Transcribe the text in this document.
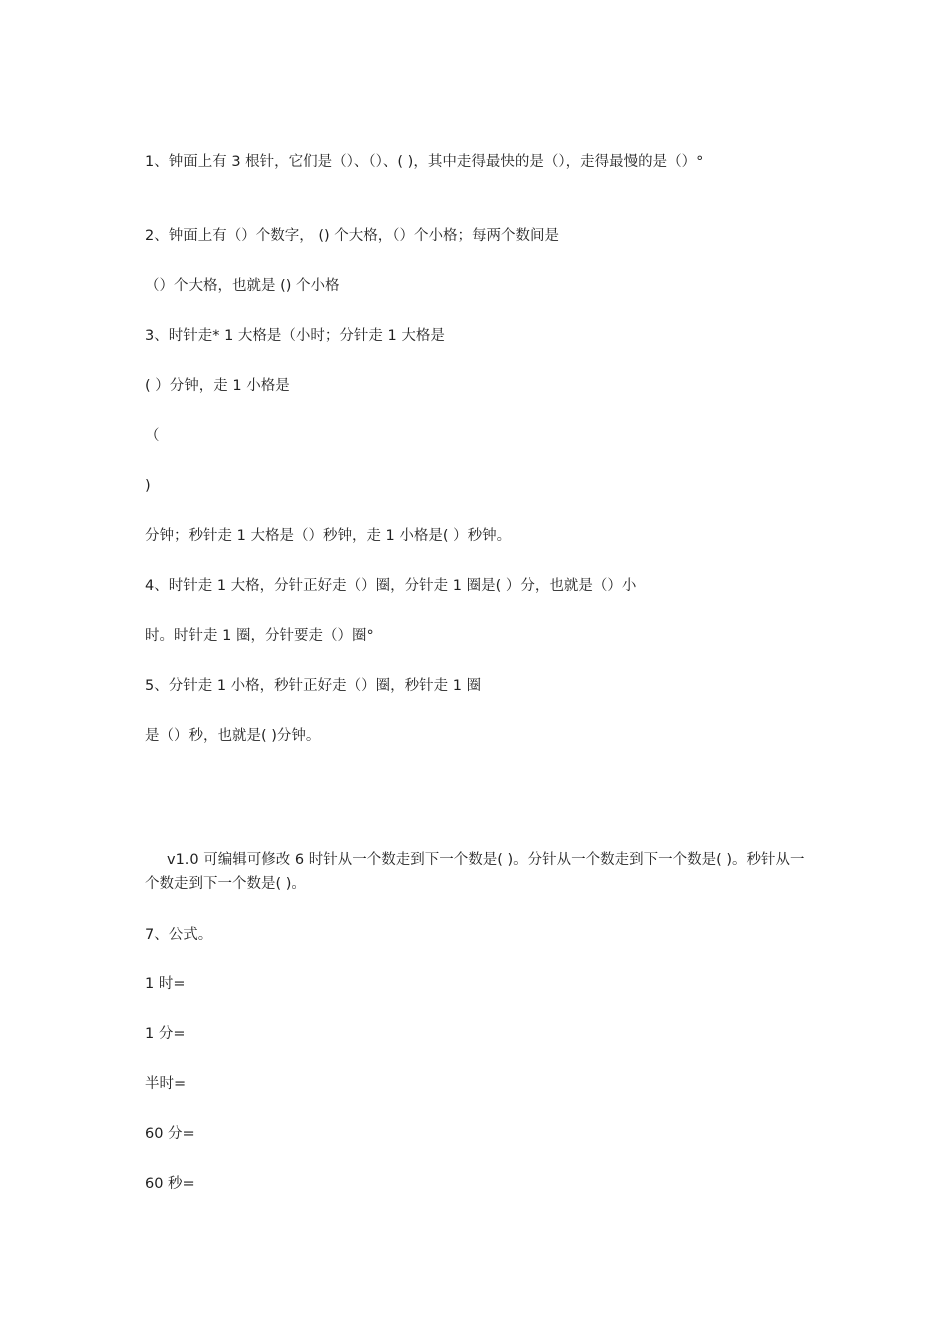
1、钟面上有 3 根针，它们是（）、（）、( )，其中走得最快的是（），走得最慢的是（）°
2、钟面上有（）个数字， () 个大格，（）个小格；每两个数间是
（）个大格，也就是 () 个小格
3、时针走* 1 大格是（小时；分针走 1 大格是
( ）分钟，走 1 小格是
（
)
分钟；秒针走 1 大格是（）秒钟，走 1 小格是( ）秒钟。
4、时针走 1 大格，分针正好走（）圈，分针走 1 圈是( ）分，也就是（）小
时。时针走 1 圈，分针要走（）圈°
5、分针走 1 小格，秒针正好走（）圈，秒针走 1 圈
是（）秒，也就是( )分钟。
v1.0 可编辑可修改 6 时针从一个数走到下一个数是( )。分针从一个数走到下一个数是( )。秒针从一个数走到下一个数是( )。
7、公式。
1 时=
1 分=
半时=
60 分=
60 秒=
